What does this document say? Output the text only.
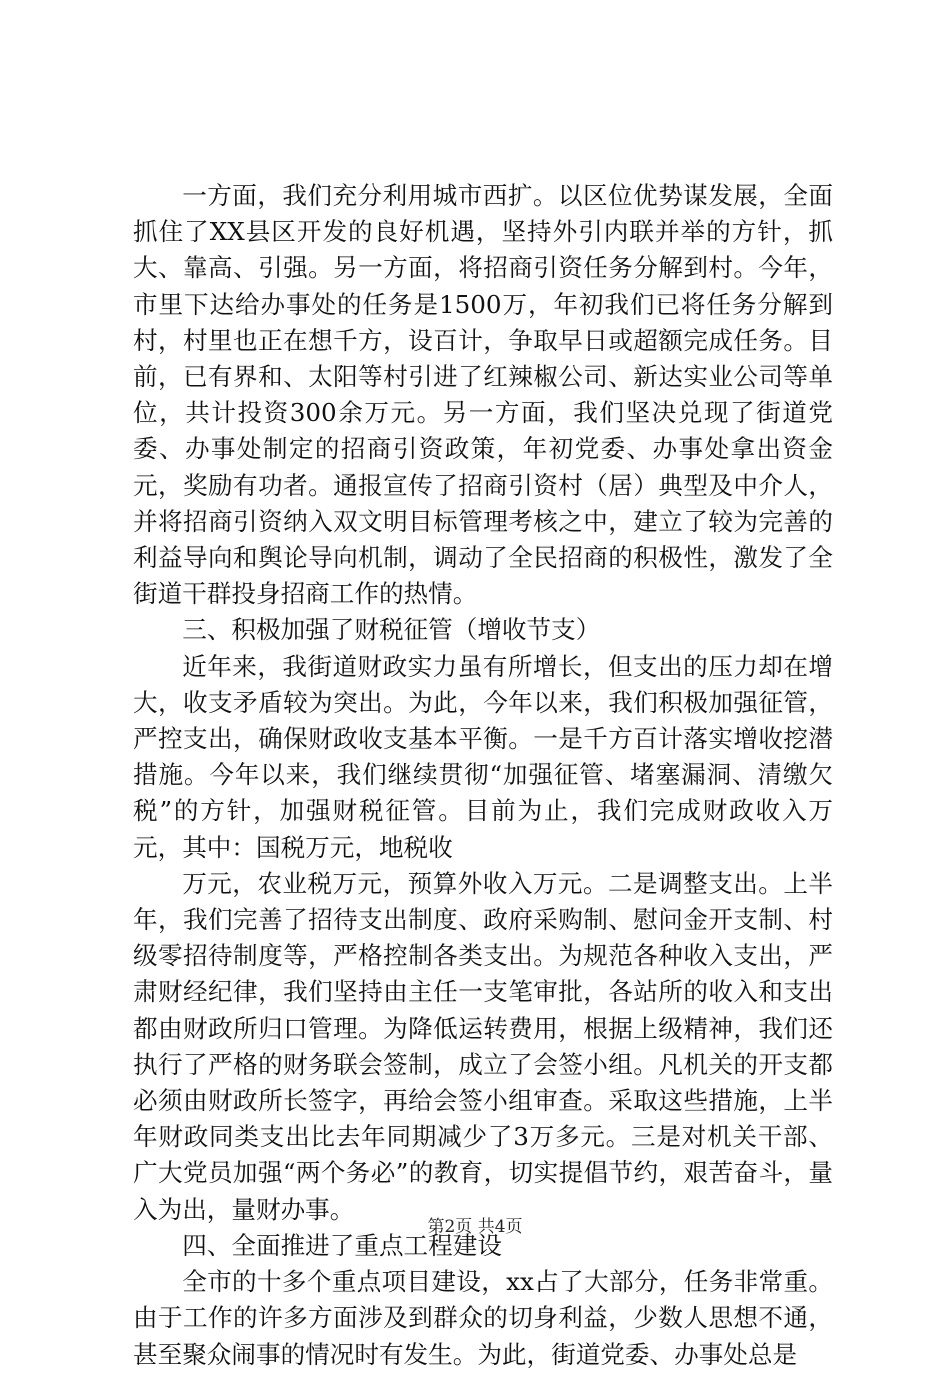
一方面，我们充分利用城市西扩。以区位优势谋发展，全面抓住了XX县区开发的良好机遇，坚持外引内联并举的方针，抓大、靠高、引强。另一方面，将招商引资任务分解到村。今年，市里下达给办事处的任务是1500万，年初我们已将任务分解到村，村里也正在想千方，设百计，争取早日或超额完成任务。目前，已有界和、太阳等村引进了红辣椒公司、新达实业公司等单位，共计投资300余万元。另一方面，我们坚决兑现了街道党委、办事处制定的招商引资政策，年初党委、办事处拿出资金元，奖励有功者。通报宣传了招商引资村（居）典型及中介人，并将招商引资纳入双文明目标管理考核之中，建立了较为完善的利益导向和舆论导向机制，调动了全民招商的积极性，激发了全街道干群投身招商工作的热情。

三、积极加强了财税征管（增收节支）

近年来，我街道财政实力虽有所增长，但支出的压力却在增大，收支矛盾较为突出。为此，今年以来，我们积极加强征管，严控支出，确保财政收支基本平衡。一是千方百计落实增收挖潜措施。今年以来，我们继续贯彻“加强征管、堵塞漏洞、清缴欠税”的方针，加强财税征管。目前为止，我们完成财政收入万元，其中：国税万元，地税收

万元，农业税万元，预算外收入万元。二是调整支出。上半年，我们完善了招待支出制度、政府采购制、慰问金开支制、村级零招待制度等，严格控制各类支出。为规范各种收入支出，严肃财经纪律，我们坚持由主任一支笔审批，各站所的收入和支出都由财政所归口管理。为降低运转费用，根据上级精神，我们还执行了严格的财务联会签制，成立了会签小组。凡机关的开支都必须由财政所长签字，再给会签小组审查。采取这些措施，上半年财政同类支出比去年同期减少了3万多元。三是对机关干部、广大党员加强“两个务必”的教育，切实提倡节约，艰苦奋斗，量入为出，量财办事。

四、全面推进了重点工程建设

全市的十多个重点项目建设，xx占了大部分，任务非常重。由于工作的许多方面涉及到群众的切身利益，少数人思想不通，甚至聚众闹事的情况时有发生。为此，街道党委、办事处总是

第2页 共4页
